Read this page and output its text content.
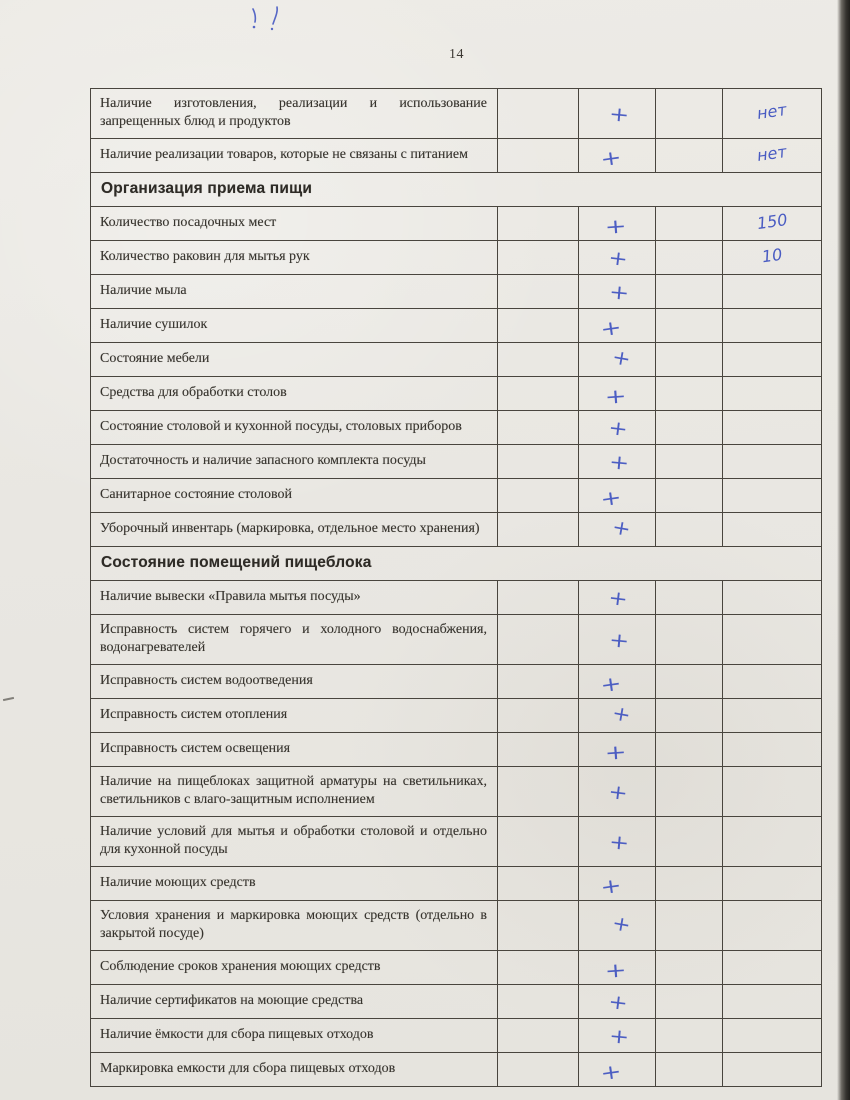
14
Наличие изготовления, реализации и использование запрещенных блюд и продуктов		+		нет
Наличие реализации товаров, которые не связаны с питанием		+		нет
Организация приема пищи				
Количество посадочных мест		+		150
Количество раковин для мытья рук		+		10
Наличие мыла		+		
Наличие сушилок		+		
Состояние мебели		+		
Средства для обработки столов		+		
Состояние столовой и кухонной посуды, столовых приборов		+		
Достаточность и наличие запасного комплекта посуды		+		
Санитарное состояние столовой		+		
Уборочный инвентарь (маркировка, отдельное место хранения)		+		
Состояние помещений пищеблока				
Наличие вывески «Правила мытья посуды»		+		
Исправность систем горячего и холодного водоснабжения, водонагревателей		+		
Исправность систем водоотведения		+		
Исправность систем отопления		+		
Исправность систем освещения		+		
Наличие на пищеблоках защитной арматуры на светильниках, светильников с влаго-защитным исполнением		+		
Наличие условий для мытья и обработки столовой и отдельно для кухонной посуды		+		
Наличие моющих средств		+		
Условия хранения и маркировка моющих средств (отдельно в закрытой посуде)		+		
Соблюдение сроков хранения моющих средств		+		
Наличие сертификатов на моющие средства		+		
Наличие ёмкости для сбора пищевых отходов		+		
Маркировка емкости для сбора пищевых отходов		+		
